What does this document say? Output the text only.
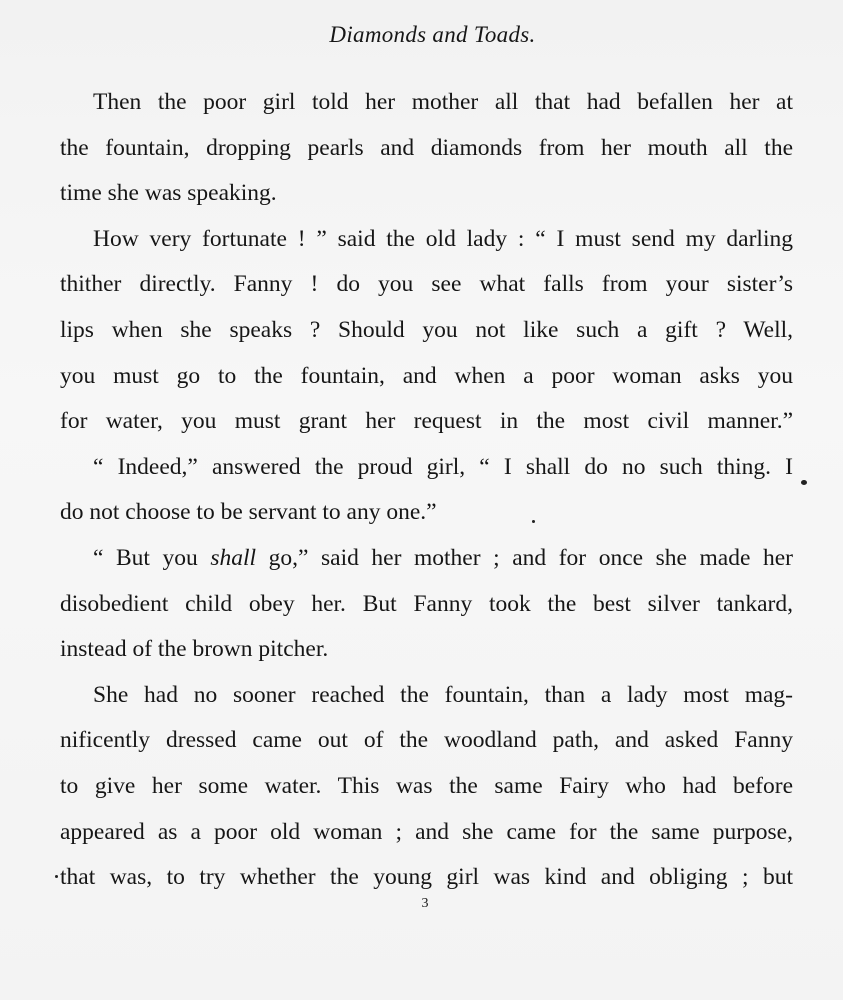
Diamonds and Toads.
Then the poor girl told her mother all that had befallen her at
the fountain, dropping pearls and diamonds from her mouth all the
time she was speaking.
How very fortunate ! ” said the old lady : “ I must send my darling
thither directly. Fanny ! do you see what falls from your sister’s
lips when she speaks ? Should you not like such a gift ? Well,
you must go to the fountain, and when a poor woman asks you
for water, you must grant her request in the most civil manner.”
“ Indeed,” answered the proud girl, “ I shall do no such thing. I
do not choose to be servant to any one.”
“ But you shall go,” said her mother ; and for once she made her
disobedient child obey her. But Fanny took the best silver tankard,
instead of the brown pitcher.
She had no sooner reached the fountain, than a lady most mag-
nificently dressed came out of the woodland path, and asked Fanny
to give her some water. This was the same Fairy who had before
appeared as a poor old woman ; and she came for the same purpose,
that was, to try whether the young girl was kind and obliging ; but
3
